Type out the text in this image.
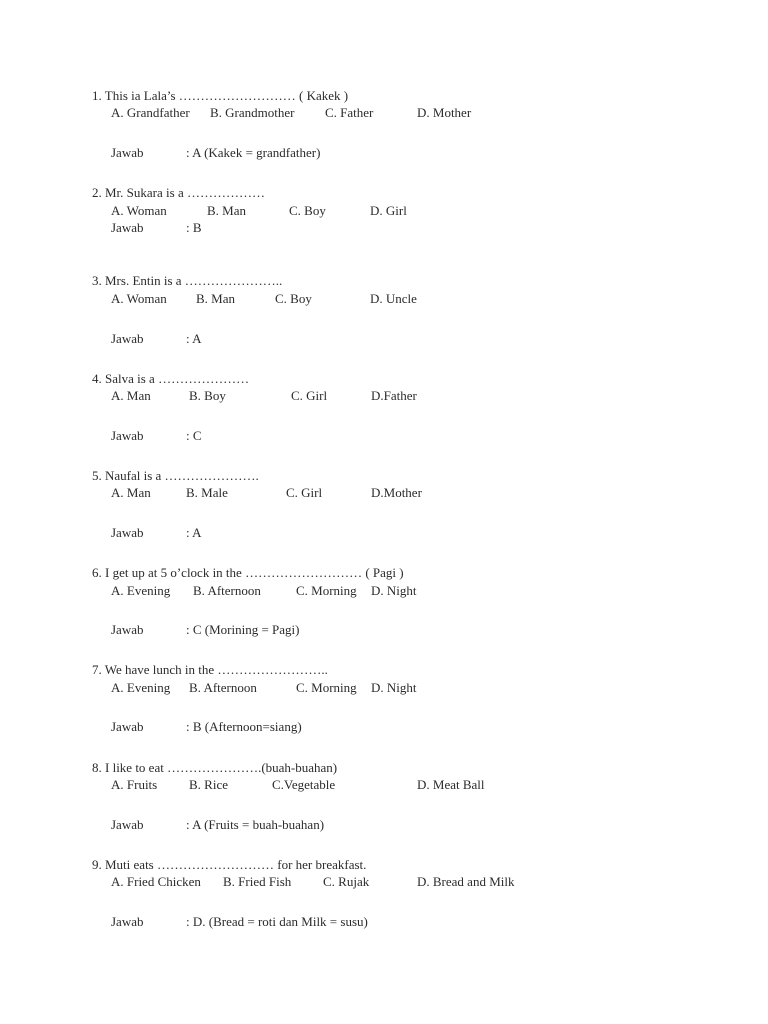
1. This ia Lala’s ……………………… ( Kakek )
A. Grandfather B. Grandmother C. Father	D. Mother
Jawab	: A (Kakek = grandfather)
2. Mr. Sukara is a ………………
A. Woman	B. Man	C. Boy	D. Girl
Jawab	: B
3. Mrs. Entin is a …………………..
A. Woman B. Man	C. Boy	D. Uncle
Jawab	: A
4. Salva is a …………………
A. Man	B. Boy	C. Girl	D.Father
Jawab	: C
5. Naufal is a ………………….
A. Man	B. Male	C. Girl	D.Mother
Jawab	: A
6. I get up at 5 o’clock in the ……………………… ( Pagi )
A. Evening B. Afternoon	C. Morning D. Night
Jawab	: C (Morining = Pagi)
7. We have lunch in the ……………………..
A. Evening B. Afternoon	C. Morning D. Night
Jawab	: B (Afternoon=siang)
8. I like to eat ………………….(buah-buahan)
A. Fruits B. Rice	C.Vegetable	D. Meat Ball
Jawab	: A (Fruits = buah-buahan)
9. Muti eats ……………………… for her breakfast.
A. Fried Chicken B. Fried Fish C. Rujak	D. Bread and Milk
Jawab	: D. (Bread = roti dan Milk = susu)
